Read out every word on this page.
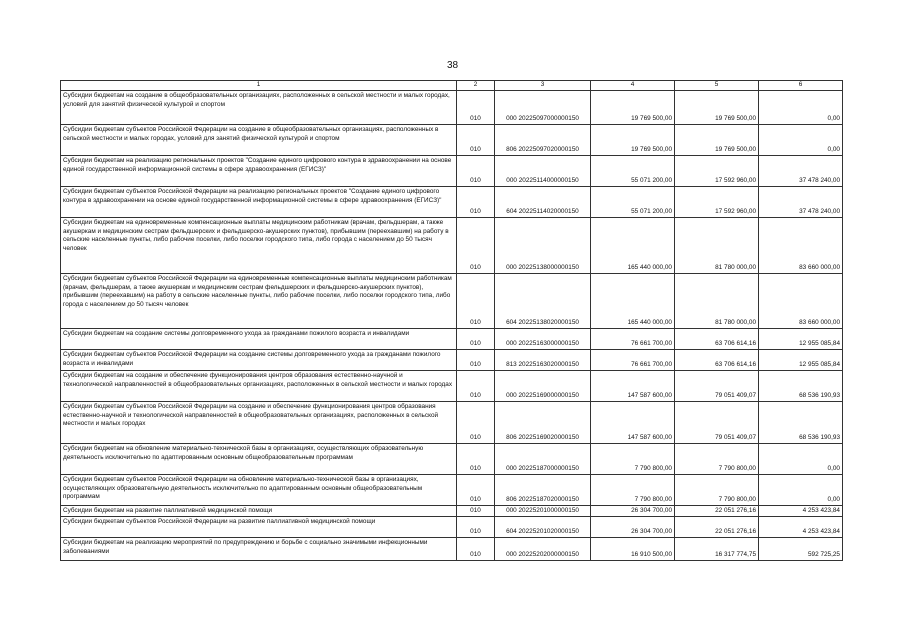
38
1	2	3	4	5	6
Субсидии бюджетам на создание в общеобразовательных организациях, расположенных в сельской местности и малых городах, условий для занятий физической культурой и спортом	010	000 20225097000000150	19 769 500,00	19 769 500,00	0,00
Субсидии бюджетам субъектов Российской Федерации на создание в общеобразовательных организациях, расположенных в сельской местности и малых городах, условий для занятий физической культурой и спортом	010	806 20225097020000150	19 769 500,00	19 769 500,00	0,00
Субсидии бюджетам на реализацию региональных проектов "Создание единого цифрового контура в здравоохранении на основе единой государственной информационной системы в сфере здравоохранения (ЕГИСЗ)"	010	000 20225114000000150	55 071 200,00	17 592 960,00	37 478 240,00
Субсидии бюджетам субъектов Российской Федерации на реализацию региональных проектов "Создание единого цифрового контура в здравоохранении на основе единой государственной информационной системы в сфере здравоохранения (ЕГИСЗ)"	010	604 20225114020000150	55 071 200,00	17 592 960,00	37 478 240,00
Субсидии бюджетам на единовременные компенсационные выплаты медицинским работникам (врачам, фельдшерам, а также акушеркам и медицинским сестрам фельдшерских и фельдшерско-акушерских пунктов), прибывшим (переехавшим) на работу в сельские населенные пункты, либо рабочие поселки, либо поселки городского типа, либо города с населением до 50 тысяч человек	010	000 20225138000000150	165 440 000,00	81 780 000,00	83 660 000,00
Субсидии бюджетам субъектов Российской Федерации на единовременные компенсационные выплаты медицинским работникам (врачам, фельдшерам, а также акушеркам и медицинским сестрам фельдшерских и фельдшерско-акушерских пунктов), прибывшим (переехавшим) на работу в сельские населенные пункты, либо рабочие поселки, либо поселки городского типа, либо города с населением до 50 тысяч человек	010	604 20225138020000150	165 440 000,00	81 780 000,00	83 660 000,00
Субсидии бюджетам на создание системы долговременного ухода за гражданами пожилого возраста и инвалидами	010	000 20225163000000150	76 661 700,00	63 706 614,16	12 955 085,84
Субсидии бюджетам субъектов Российской Федерации на создание системы долговременного ухода за гражданами пожилого возраста и инвалидами	010	813 20225163020000150	76 661 700,00	63 706 614,16	12 955 085,84
Субсидии бюджетам на создание и обеспечение функционирования центров образования естественно-научной и технологической направленностей в общеобразовательных организациях, расположенных в сельской местности и малых городах	010	000 20225169000000150	147 587 600,00	79 051 409,07	68 536 190,93
Субсидии бюджетам субъектов Российской Федерации на создание и обеспечение функционирования центров образования естественно-научной и технологической направленностей в общеобразовательных организациях, расположенных в сельской местности и малых городах	010	806 20225169020000150	147 587 600,00	79 051 409,07	68 536 190,93
Субсидии бюджетам на обновление материально-технической базы в организациях, осуществляющих образовательную деятельность исключительно по адаптированным основным общеобразовательным программам	010	000 20225187000000150	7 790 800,00	7 790 800,00	0,00
Субсидии бюджетам субъектов Российской Федерации на обновление материально-технической базы в организациях, осуществляющих образовательную деятельность исключительно по адаптированным основным общеобразовательным программам	010	806 20225187020000150	7 790 800,00	7 790 800,00	0,00
Субсидии бюджетам на развитие паллиативной медицинской помощи	010	000 20225201000000150	26 304 700,00	22 051 276,16	4 253 423,84
Субсидии бюджетам субъектов Российской Федерации на развитие паллиативной медицинской помощи	010	604 20225201020000150	26 304 700,00	22 051 276,16	4 253 423,84
Субсидии бюджетам на реализацию мероприятий по предупреждению и борьбе с социально значимыми инфекционными заболеваниями	010	000 20225202000000150	16 910 500,00	16 317 774,75	592 725,25
